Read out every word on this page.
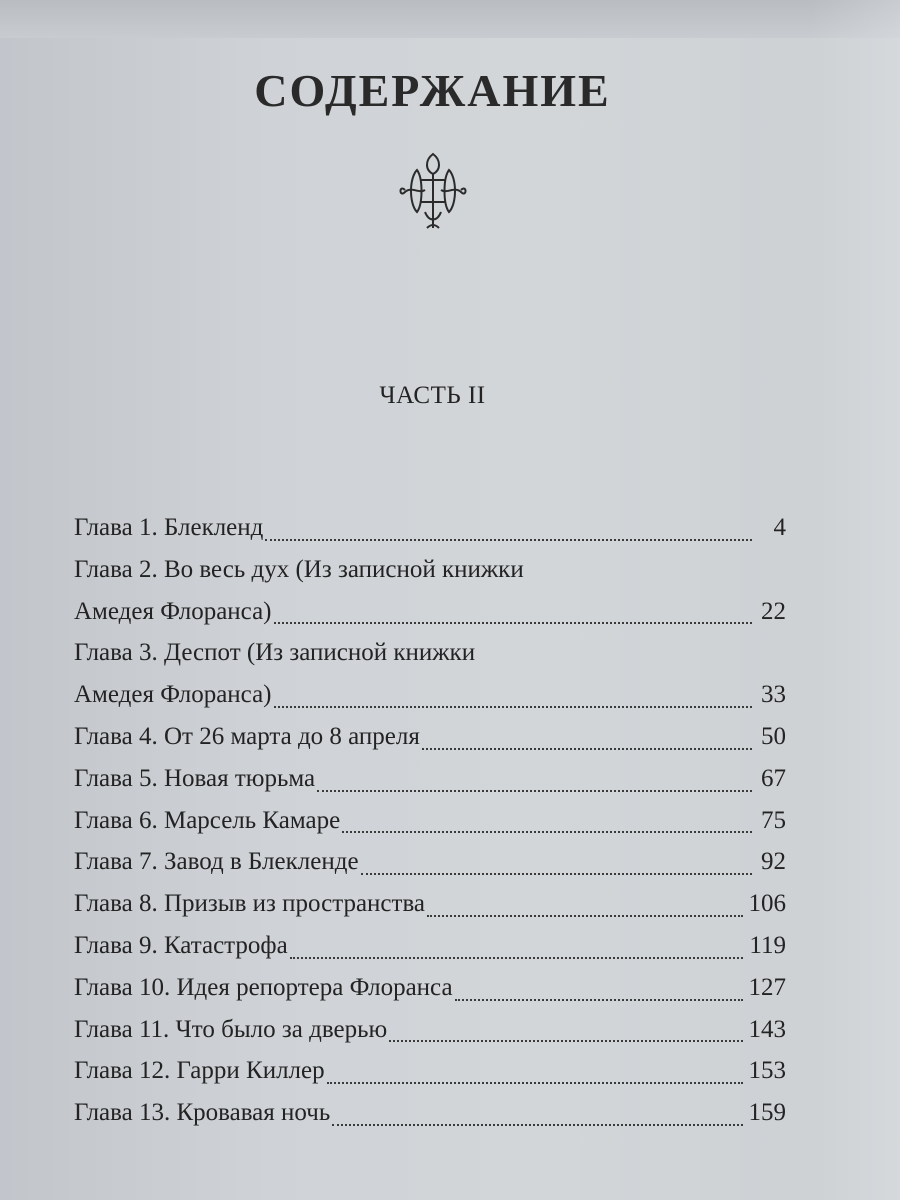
СОДЕРЖАНИЕ
ЧАСТЬ II
Глава 1. Блекленд	4
Глава 2. Во весь дух (Из записной книжки
Амедея Флоранса)	22
Глава 3. Деспот (Из записной книжки
Амедея Флоранса)	33
Глава 4. От 26 марта до 8 апреля	50
Глава 5. Новая тюрьма	67
Глава 6. Марсель Камаре	75
Глава 7. Завод в Блекленде	92
Глава 8. Призыв из пространства	106
Глава 9. Катастрофа	119
Глава 10. Идея репортера Флоранса	127
Глава 11. Что было за дверью	143
Глава 12. Гарри Киллер	153
Глава 13. Кровавая ночь	159
